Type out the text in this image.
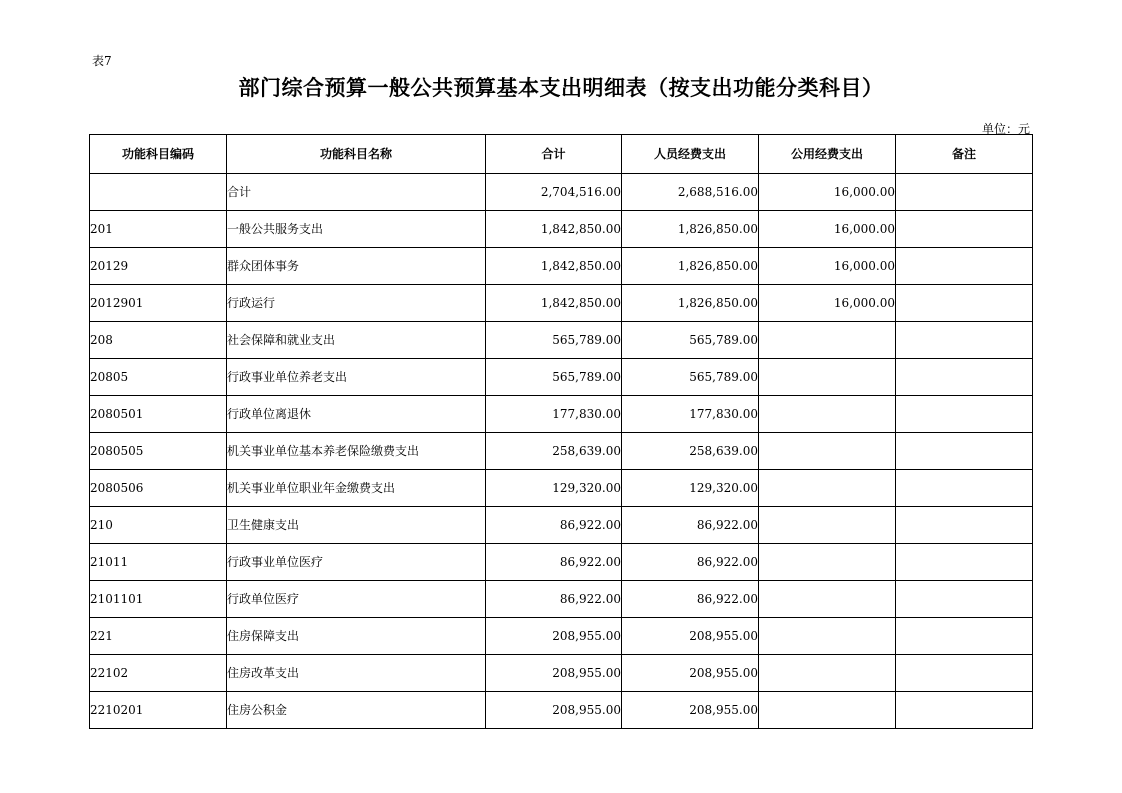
表7
部门综合预算一般公共预算基本支出明细表（按支出功能分类科目）
单位：元
功能科目编码	功能科目名称	合计	人员经费支出	公用经费支出	备注
	合计	2,704,516.00	2,688,516.00	16,000.00	
201	一般公共服务支出	1,842,850.00	1,826,850.00	16,000.00	
20129	群众团体事务	1,842,850.00	1,826,850.00	16,000.00	
2012901	行政运行	1,842,850.00	1,826,850.00	16,000.00	
208	社会保障和就业支出	565,789.00	565,789.00		
20805	行政事业单位养老支出	565,789.00	565,789.00		
2080501	行政单位离退休	177,830.00	177,830.00		
2080505	机关事业单位基本养老保险缴费支出	258,639.00	258,639.00		
2080506	机关事业单位职业年金缴费支出	129,320.00	129,320.00		
210	卫生健康支出	86,922.00	86,922.00		
21011	行政事业单位医疗	86,922.00	86,922.00		
2101101	行政单位医疗	86,922.00	86,922.00		
221	住房保障支出	208,955.00	208,955.00		
22102	住房改革支出	208,955.00	208,955.00		
2210201	住房公积金	208,955.00	208,955.00		
